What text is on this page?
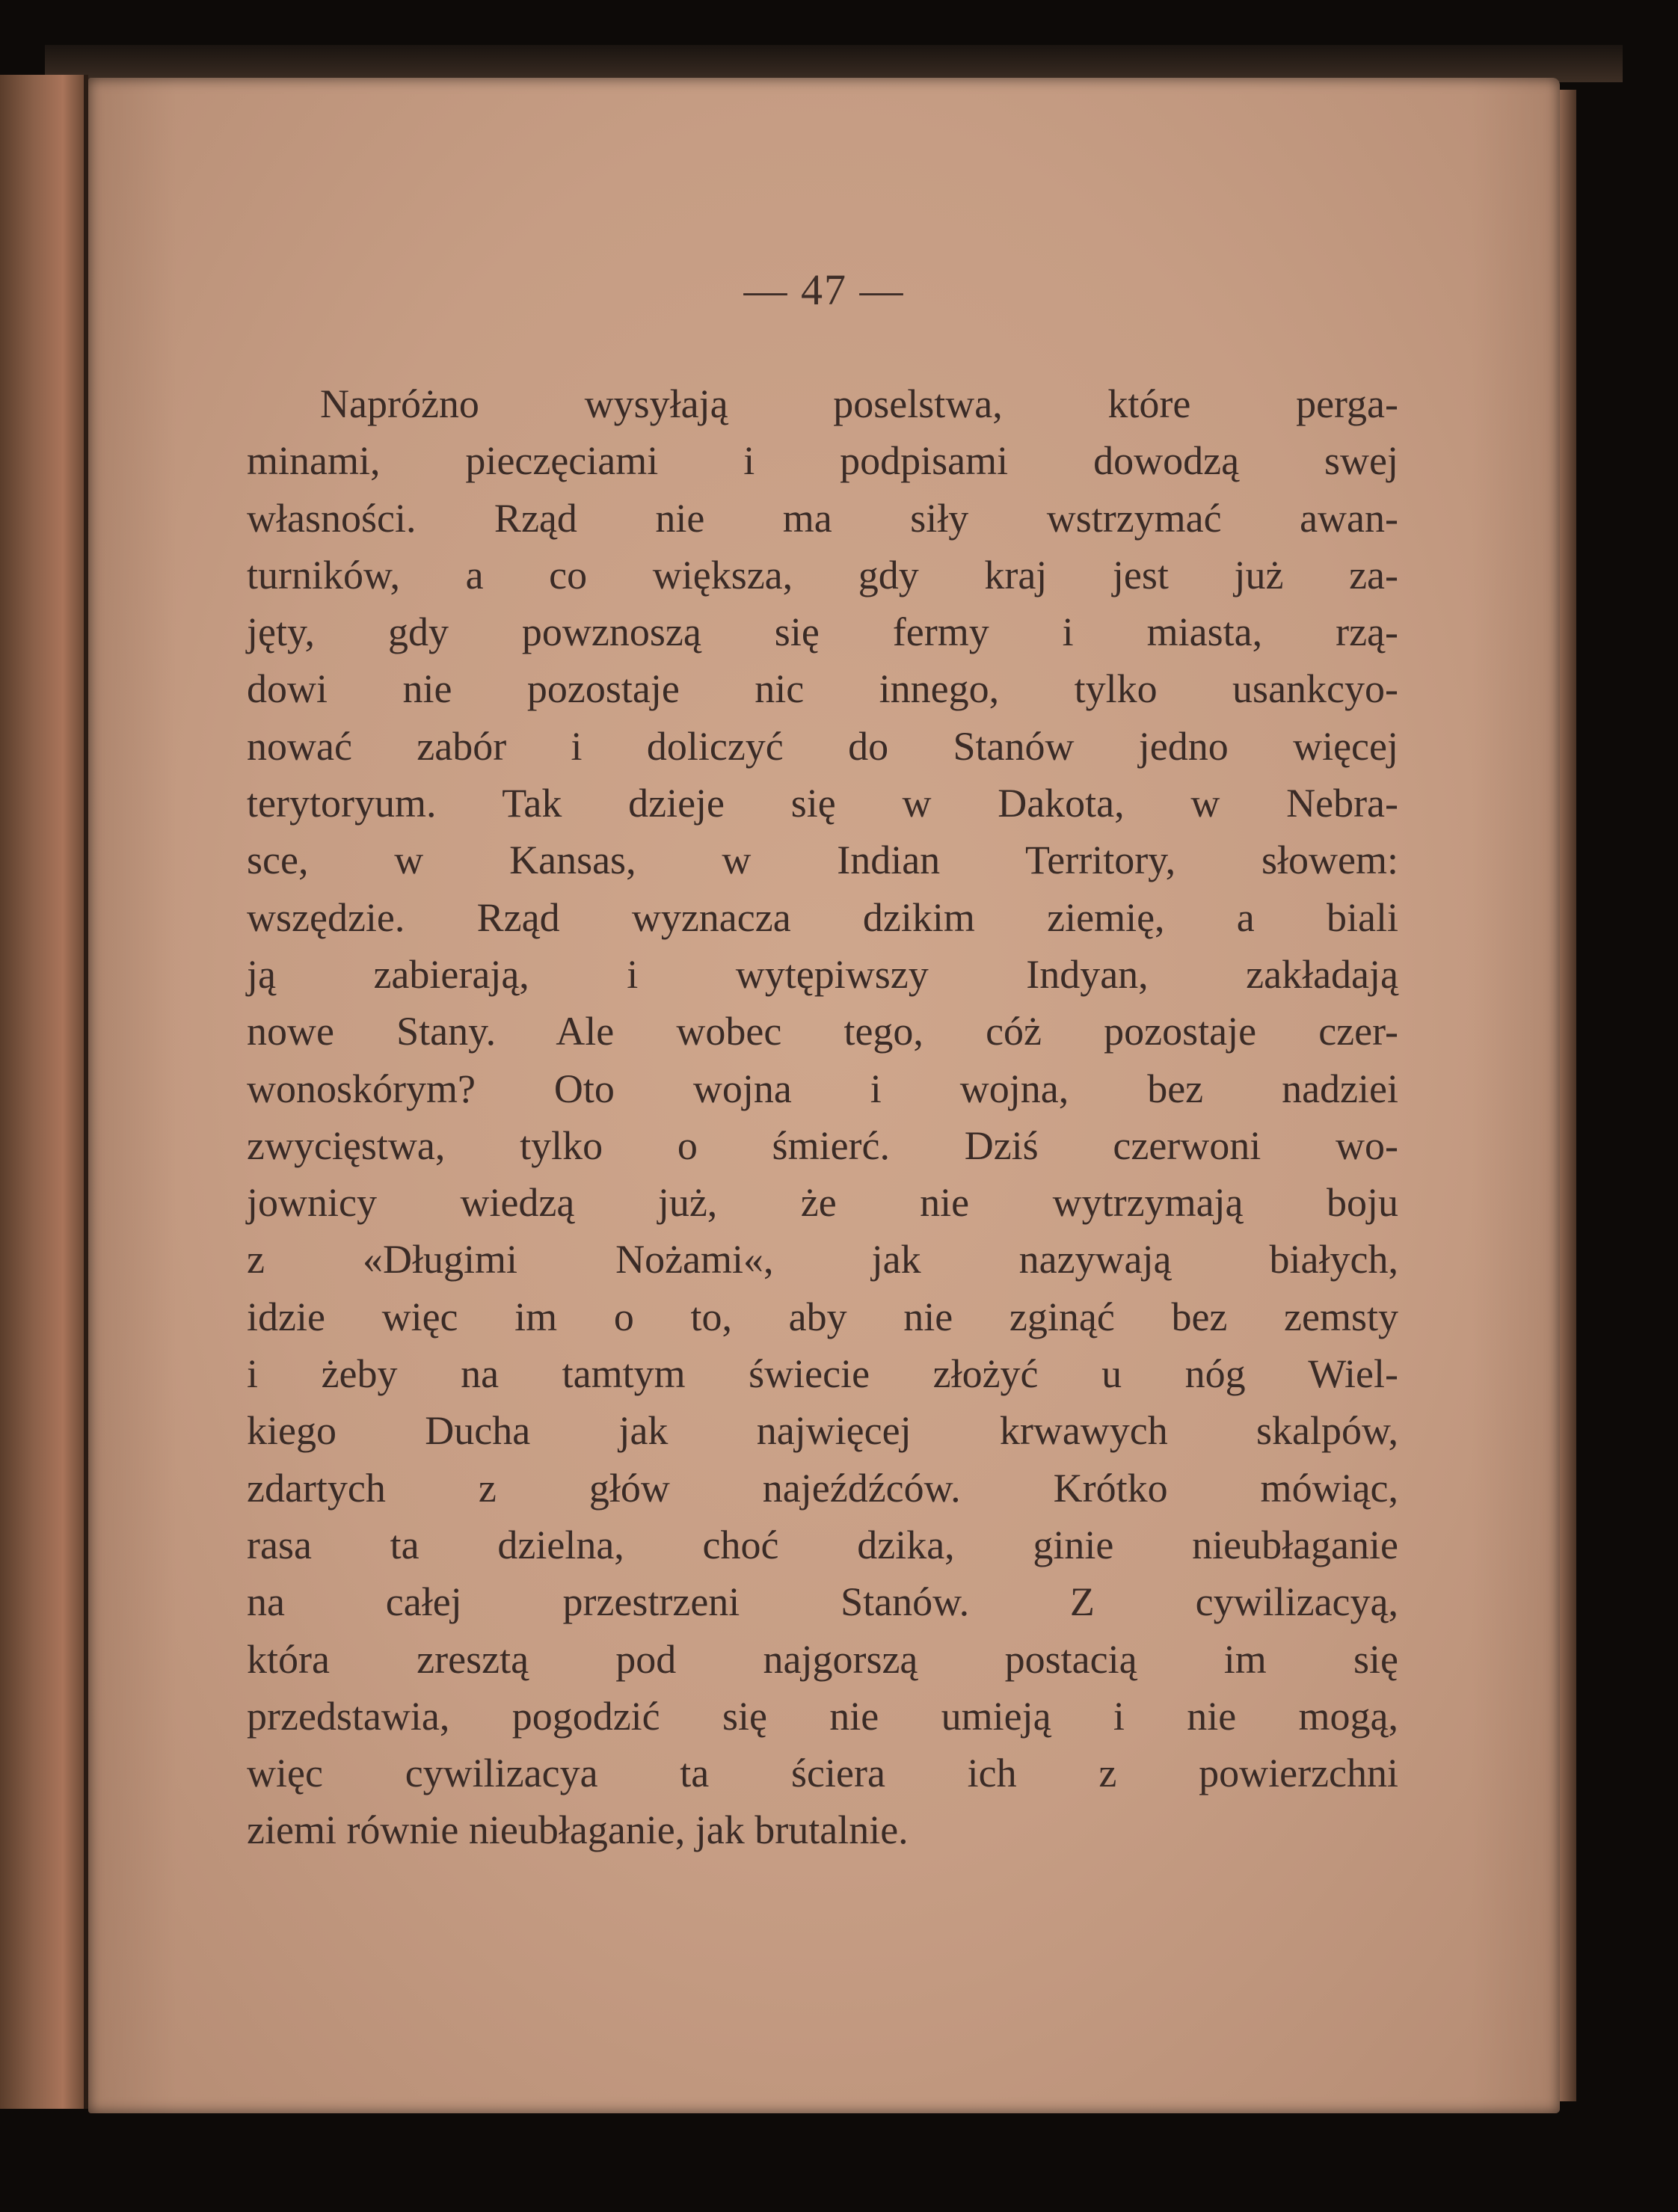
— 47 —
Napróżno wysyłają poselstwa, które perga-
minami, pieczęciami i podpisami dowodzą swej
własności. Rząd nie ma siły wstrzymać awan-
turników, a co większa, gdy kraj jest już za-
jęty, gdy powznoszą się fermy i miasta, rzą-
dowi nie pozostaje nic innego, tylko usankcyo-
nować zabór i doliczyć do Stanów jedno więcej
terytoryum. Tak dzieje się w Dakota, w Nebra-
sce, w Kansas, w Indian Territory, słowem:
wszędzie. Rząd wyznacza dzikim ziemię, a biali
ją zabierają, i wytępiwszy Indyan, zakładają
nowe Stany. Ale wobec tego, cóż pozostaje czer-
wonoskórym? Oto wojna i wojna, bez nadziei
zwycięstwa, tylko o śmierć. Dziś czerwoni wo-
jownicy wiedzą już, że nie wytrzymają boju
z «Długimi Nożami«, jak nazywają białych,
idzie więc im o to, aby nie zginąć bez zemsty
i żeby na tamtym świecie złożyć u nóg Wiel-
kiego Ducha jak najwięcej krwawych skalpów,
zdartych z głów najeźdźców. Krótko mówiąc,
rasa ta dzielna, choć dzika, ginie nieubłaganie
na całej przestrzeni Stanów. Z cywilizacyą,
która zresztą pod najgorszą postacią im się
przedstawia, pogodzić się nie umieją i nie mogą,
więc cywilizacya ta ściera ich z powierzchni
ziemi równie nieubłaganie, jak brutalnie.
